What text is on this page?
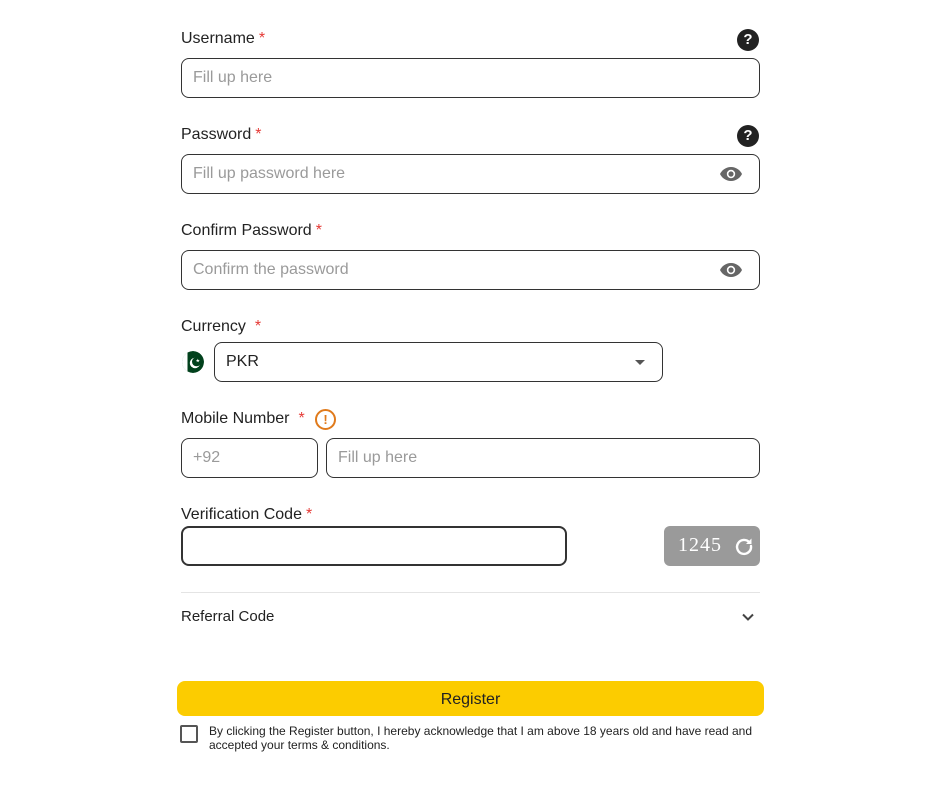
Username *	?
Fill up here
Password *	?
Confirm Password *
Currency *
PKR
Mobile Number *	!
+92
Fill up here
Verification Code *
1245
Referral Code
Register
By clicking the Register button, I hereby acknowledge that I am above 18 years old and have read and accepted your terms & conditions.
